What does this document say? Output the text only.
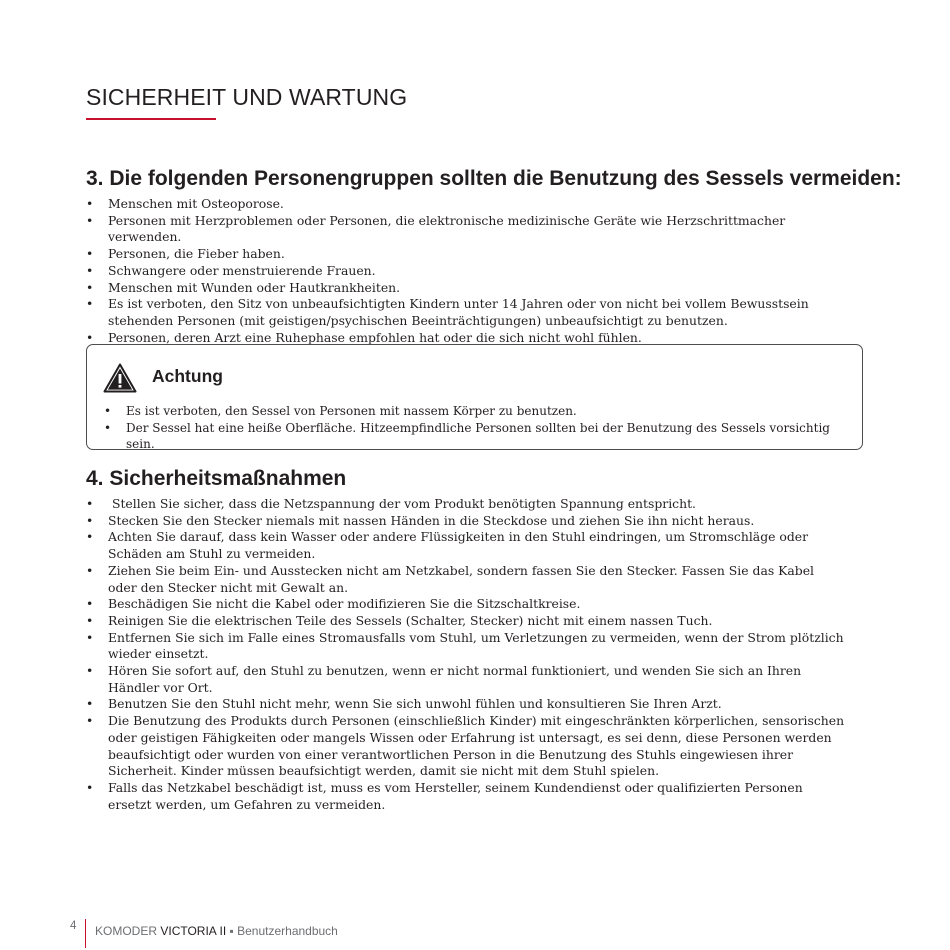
SICHERHEIT UND WARTUNG
3. Die folgenden Personengruppen sollten die Benutzung des Sessels vermeiden:
•	Menschen mit Osteoporose.
•	Personen mit Herzproblemen oder Personen, die elektronische medizinische Geräte wie Herzschrittmacher verwenden.
•	Personen, die Fieber haben.
•	Schwangere oder menstruierende Frauen.
•	Menschen mit Wunden oder Hautkrankheiten.
•	Es ist verboten, den Sitz von unbeaufsichtigten Kindern unter 14 Jahren oder von nicht bei vollem Bewusstsein stehenden Personen (mit geistigen/psychischen Beeinträchtigungen) unbeaufsichtigt zu benutzen.
•	Personen, deren Arzt eine Ruhephase empfohlen hat oder die sich nicht wohl fühlen.
Achtung
•	Es ist verboten, den Sessel von Personen mit nassem Körper zu benutzen.
•	Der Sessel hat eine heiße Oberfläche. Hitzeempfindliche Personen sollten bei der Benutzung des Sessels vorsichtig sein.
4. Sicherheitsmaßnahmen
•	Stellen Sie sicher, dass die Netzspannung der vom Produkt benötigten Spannung entspricht.
•	Stecken Sie den Stecker niemals mit nassen Händen in die Steckdose und ziehen Sie ihn nicht heraus.
•	Achten Sie darauf, dass kein Wasser oder andere Flüssigkeiten in den Stuhl eindringen, um Stromschläge oder Schäden am Stuhl zu vermeiden.
•	Ziehen Sie beim Ein- und Ausstecken nicht am Netzkabel, sondern fassen Sie den Stecker. Fassen Sie das Kabel oder den Stecker nicht mit Gewalt an.
•	Beschädigen Sie nicht die Kabel oder modifizieren Sie die Sitzschaltkreise.
•	Reinigen Sie die elektrischen Teile des Sessels (Schalter, Stecker) nicht mit einem nassen Tuch.
•	Entfernen Sie sich im Falle eines Stromausfalls vom Stuhl, um Verletzungen zu vermeiden, wenn der Strom plötzlich wieder einsetzt.
•	Hören Sie sofort auf, den Stuhl zu benutzen, wenn er nicht normal funktioniert, und wenden Sie sich an Ihren Händler vor Ort.
•	Benutzen Sie den Stuhl nicht mehr, wenn Sie sich unwohl fühlen und konsultieren Sie Ihren Arzt.
•	Die Benutzung des Produkts durch Personen (einschließlich Kinder) mit eingeschränkten körperlichen, sensorischen oder geistigen Fähigkeiten oder mangels Wissen oder Erfahrung ist untersagt, es sei denn, diese Personen werden beaufsichtigt oder wurden von einer verantwortlichen Person in die Benutzung des Stuhls eingewiesen ihrer Sicherheit. Kinder müssen beaufsichtigt werden, damit sie nicht mit dem Stuhl spielen.
•	Falls das Netzkabel beschädigt ist, muss es vom Hersteller, seinem Kundendienst oder qualifizierten Personen ersetzt werden, um Gefahren zu vermeiden.
4 KOMODER VICTORIA II ▪ Benutzerhandbuch
